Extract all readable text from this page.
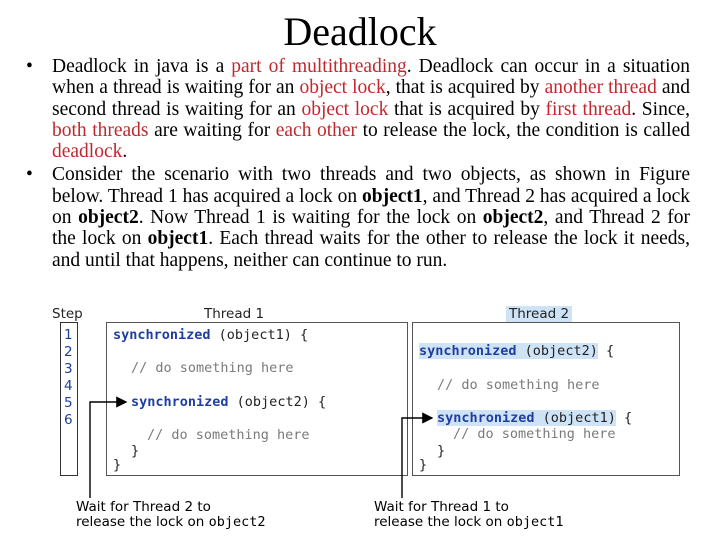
Deadlock
• Deadlock in java is a part of multithreading. Deadlock can occur in a situation when a thread is waiting for an object lock, that is acquired by another thread and second thread is waiting for an object lock that is acquired by first thread. Since, both threads are waiting for each other to release the lock, the condition is called deadlock.
• Consider the scenario with two threads and two objects, as shown in Figure below. Thread 1 has acquired a lock on object1, and Thread 2 has acquired a lock on object2. Now Thread 1 is waiting for the lock on object2, and Thread 2 for the lock on object1. Each thread waits for the other to release the lock it needs, and until that happens, neither can continue to run.
Step
1
2
3
4
5
6
Thread 1
synchronized (object1) {
// do something here
synchronized (object2) {
// do something here
}
}
Thread 2
synchronized (object2) {
// do something here
synchronized (object1) {
// do something here
}
}
Wait for Thread 2 to
release the lock on object2
Wait for Thread 1 to
release the lock on object1
